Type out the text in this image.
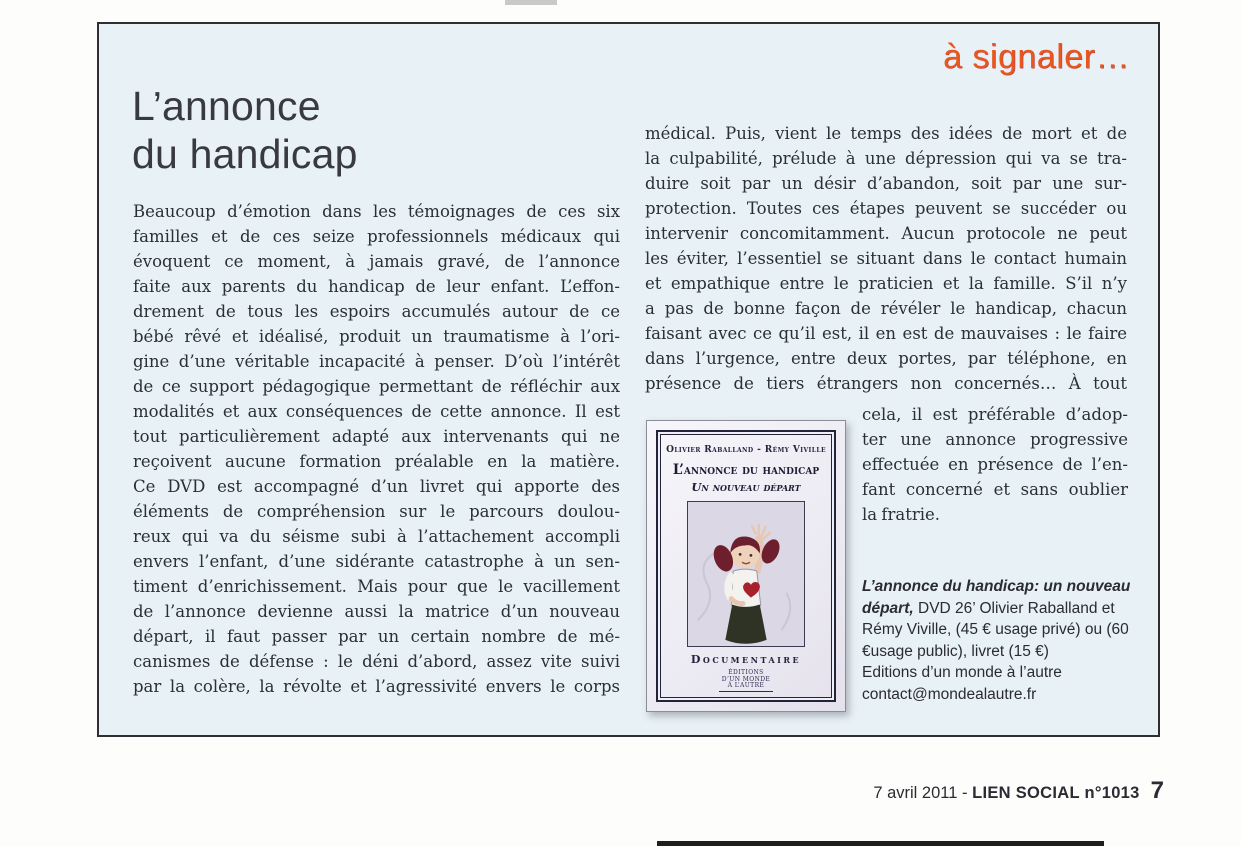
à signaler…
L’annonce
du handicap
Beaucoup d’émotion dans les témoignages de ces six
familles et de ces seize professionnels médicaux qui
évoquent ce moment, à jamais gravé, de l’annonce
faite aux parents du handicap de leur enfant. L’effon-
drement de tous les espoirs accumulés autour de ce
bébé rêvé et idéalisé, produit un traumatisme à l’ori-
gine d’une véritable incapacité à penser. D’où l’intérêt
de ce support pédagogique permettant de réfléchir aux
modalités et aux conséquences de cette annonce. Il est
tout particulièrement adapté aux intervenants qui ne
reçoivent aucune formation préalable en la matière.
Ce DVD est accompagné d’un livret qui apporte des
éléments de compréhension sur le parcours doulou-
reux qui va du séisme subi à l’attachement accompli
envers l’enfant, d’une sidérante catastrophe à un sen-
timent d’enrichissement. Mais pour que le vacillement
de l’annonce devienne aussi la matrice d’un nouveau
départ, il faut passer par un certain nombre de mé-
canismes de défense : le déni d’abord, assez vite suivi
par la colère, la révolte et l’agressivité envers le corps
médical. Puis, vient le temps des idées de mort et de
la culpabilité, prélude à une dépression qui va se tra-
duire soit par un désir d’abandon, soit par une sur-
protection. Toutes ces étapes peuvent se succéder ou
intervenir concomitamment. Aucun protocole ne peut
les éviter, l’essentiel se situant dans le contact humain
et empathique entre le praticien et la famille. S’il n’y
a pas de bonne façon de révéler le handicap, chacun
faisant avec ce qu’il est, il en est de mauvaises : le faire
dans l’urgence, entre deux portes, par téléphone, en
présence de tiers étrangers non concernés… À tout
cela, il est préférable d’adop-
ter une annonce progressive
effectuée en présence de l’en-
fant concerné et sans oublier
la fratrie.
Olivier Raballand - Rémy Viville
L’annonce du handicap
Un nouveau départ
Documentaire
ÉDITIONS
D’UN MONDE
À L’AUTRE
L’annonce du handicap: un nouveau départ, DVD 26’ Olivier Raballand et Rémy Viville, (45 € usage privé) ou (60 €usage public), livret (15 €)
Editions d’un monde à l’autre
contact@mondealautre.fr
7 avril 2011 - LIEN SOCIAL n°1013 7
